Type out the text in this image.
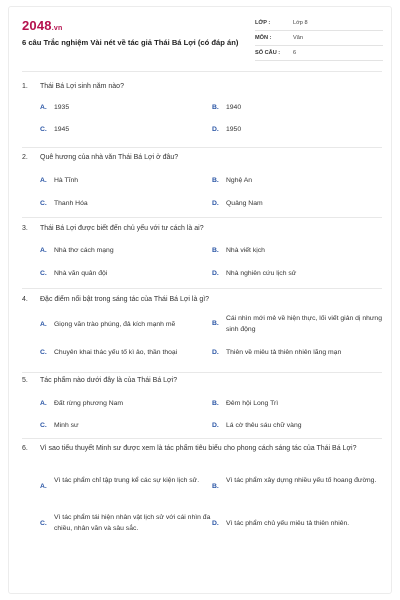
2048.vn
6 câu Trắc nghiệm Vài nét về tác giả Thái Bá Lợi (có đáp án)
LỚP :	Lớp 8
MÔN :	Văn
SỐ CÂU : 6
1.	Thái Bá Lợi sinh năm nào?
A. 1935	B. 1940
C. 1945	D. 1950
2.	Quê hương của nhà văn Thái Bá Lợi ở đâu?
A. Hà Tĩnh	B. Nghệ An
C. Thanh Hóa	D. Quảng Nam
3.	Thái Bá Lợi được biết đến chủ yếu với tư cách là ai?
A. Nhà thơ cách mạng	B. Nhà viết kịch
C. Nhà văn quân đội	D. Nhà nghiên cứu lịch sử
4.	Đặc điểm nổi bật trong sáng tác của Thái Bá Lợi là gì?
A. Giọng văn trào phúng, đả kích mạnh mẽ	B.
Cái nhìn mới mẻ về hiện thực, lối viết giản dị nhưng sinh động
C. Chuyên khai thác yếu tố kì ảo, thần thoại	D. Thiên về miêu tả thiên nhiên lãng mạn
5.	Tác phẩm nào dưới đây là của Thái Bá Lợi?
A. Đất rừng phương Nam	B. Đêm hội Long Trì
C. Minh sư	D. Lá cờ thêu sáu chữ vàng
6.	Vì sao tiểu thuyết Minh sư được xem là tác phẩm tiêu biểu cho phong cách sáng tác của Thái Bá Lợi?
A.
Vì tác phẩm chỉ tập trung kể các sự kiện lịch sử.
B.
Vì tác phẩm xây dựng nhiều yếu tố hoang đường.
C.
Vì tác phẩm tái hiện nhân vật lịch sử với cái nhìn đa chiều, nhân văn và sâu sắc.
D. Vì tác phẩm chủ yếu miêu tả thiên nhiên.
